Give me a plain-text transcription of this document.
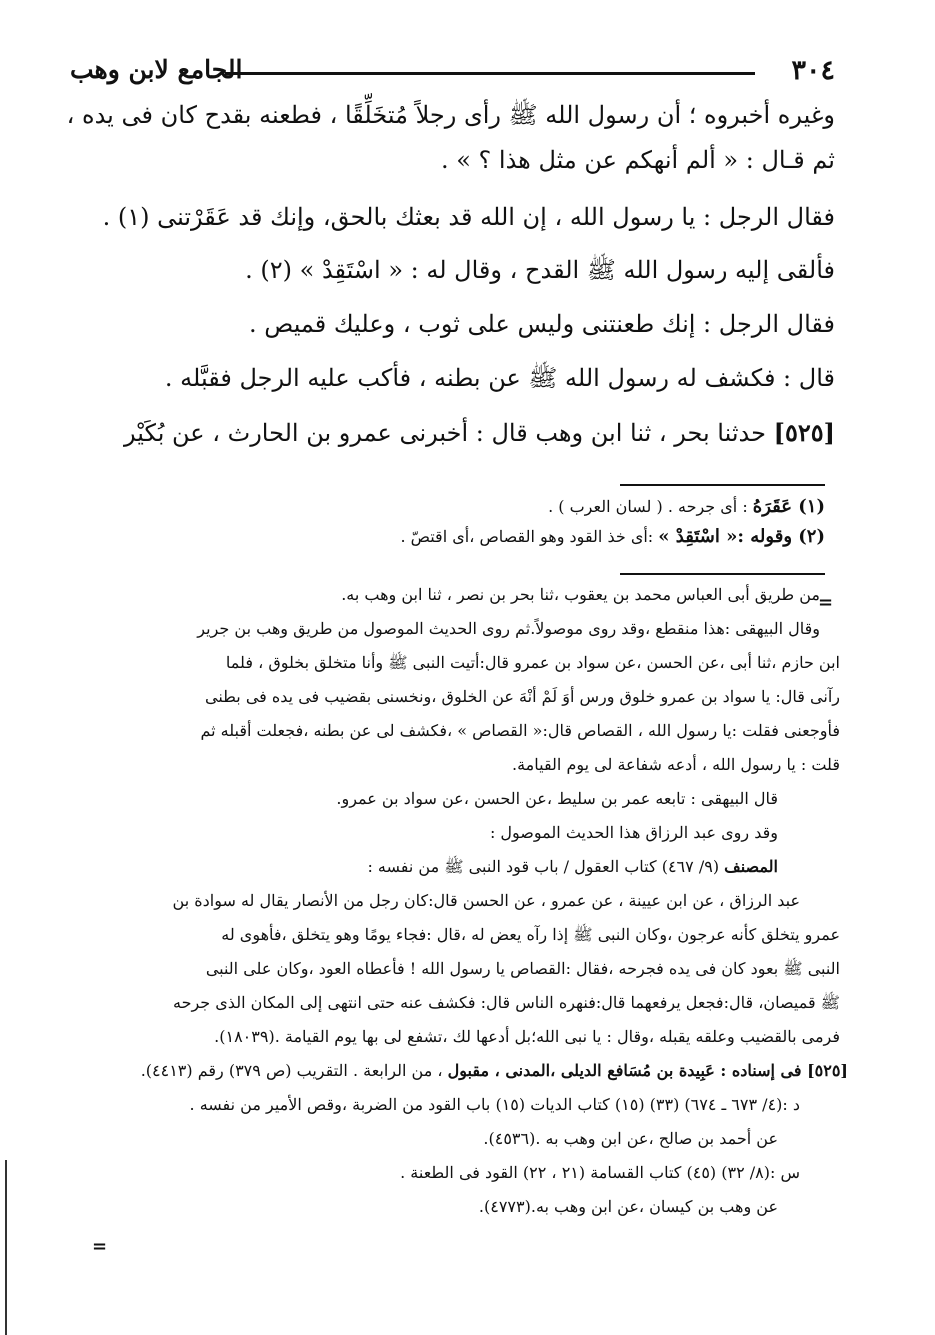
٣٠٤
الجامع لابن وهب
وغيره أخبروه ؛ أن رسول الله ﷺ رأى رجلاً مُتخَلِّقًا ، فطعنه بقدح كان فى يده ،
ثم قـال : « ألم أنهكم عن مثل هذا ؟ » .
فقال الرجل : يا رسول الله ، إن الله قد بعثك بالحق، وإنك قد عَقَرْتنى (١) .
فألقى إليه رسول الله ﷺ القدح ، وقال له : « اسْتَقِدْ » (٢) .
فقال الرجل : إنك طعنتنى وليس على ثوب ، وعليك قميص .
قال : فكشف له رسول الله ﷺ عن بطنه ، فأكب عليه الرجل فقبَّله .
[٥٢٥] حدثنا بحر ، ثنا ابن وهب قال : أخبرنى عمرو بن الحارث ، عن بُكَيْر
(١) عَقَرَهُ : أى جرحه . ( لسان العرب ) .
(٢) وقوله :« اسْتَقِدْ » :أى خذ القود وهو القصاص ،أى اقتصّ .
=
=
من طريق أبى العباس محمد بن يعقوب ،ثنا بحر بن نصر ، ثنا ابن وهب به.
وقال البيهقى :هذا منقطع ،وقد روى موصولاً.ثم روى الحديث الموصول من طريق وهب بن جرير
ابن حازم ،ثنا أبى ،عن الحسن ،عن سواد بن عمرو قال:أتيت النبى ﷺ وأنا متخلق بخلوق ، فلما
رآنى قال: يا سواد بن عمرو خلوق ورس أوَ لَمْ أنْهَ عن الخلوق ،ونخسنى بقضيب فى يده فى بطنى
فأوجعنى فقلت :يا رسول الله ، القصاص قال:« القصاص » ،فكشف لى عن بطنه ،فجعلت أقبله ثم
قلت : يا رسول الله ، أدعه شفاعة لى يوم القيامة.
قال البيهقى : تابعه عمر بن سليط ،عن الحسن ،عن سواد بن عمرو.
وقد روى عبد الرزاق هذا الحديث الموصول :
المصنف (٩/ ٤٦٧) كتاب العقول / باب قود النبى ﷺ من نفسه :
عبد الرزاق ، عن ابن عيينة ، عن عمرو ، عن الحسن قال:كان رجل من الأنصار يقال له سوادة بن
عمرو يتخلق كأنه عرجون ،وكان النبى ﷺ إذا رآه يعض له ،قال :فجاء يومًا وهو يتخلق ،فأهوى له
النبى ﷺ بعود كان فى يده فجرحه ،فقال :القصاص يا رسول الله ! فأعطاه العود ،وكان على النبى
ﷺ قميصان، قال:فجعل يرفعهما قال:فنهره الناس قال: فكشف عنه حتى انتهى إلى المكان الذى جرحه
فرمى بالقضيب وعلقه يقبله ،وقال : يا نبى الله؛بل أدعها لك ،تشفع لى بها يوم القيامة .(١٨٠٣٩).
[٥٢٥] فى إسناده : عَبِيدة بن مُسَافع الديلى ،المدنى ، مقبول ، من الرابعة . التقريب (ص ٣٧٩) رقم (٤٤١٣).
د :(٤/ ٦٧٣ ـ ٦٧٤) (٣٣) (١٥) كتاب الديات (١٥) باب القود من الضربة ،وقص الأمير من نفسه .
عن أحمد بن صالح ،عن ابن وهب به .(٤٥٣٦).
س :(٨/ ٣٢) (٤٥) كتاب القسامة (٢١ ، ٢٢) القود فى الطعنة .
عن وهب بن كيسان ،عن ابن وهب به.(٤٧٧٣).
